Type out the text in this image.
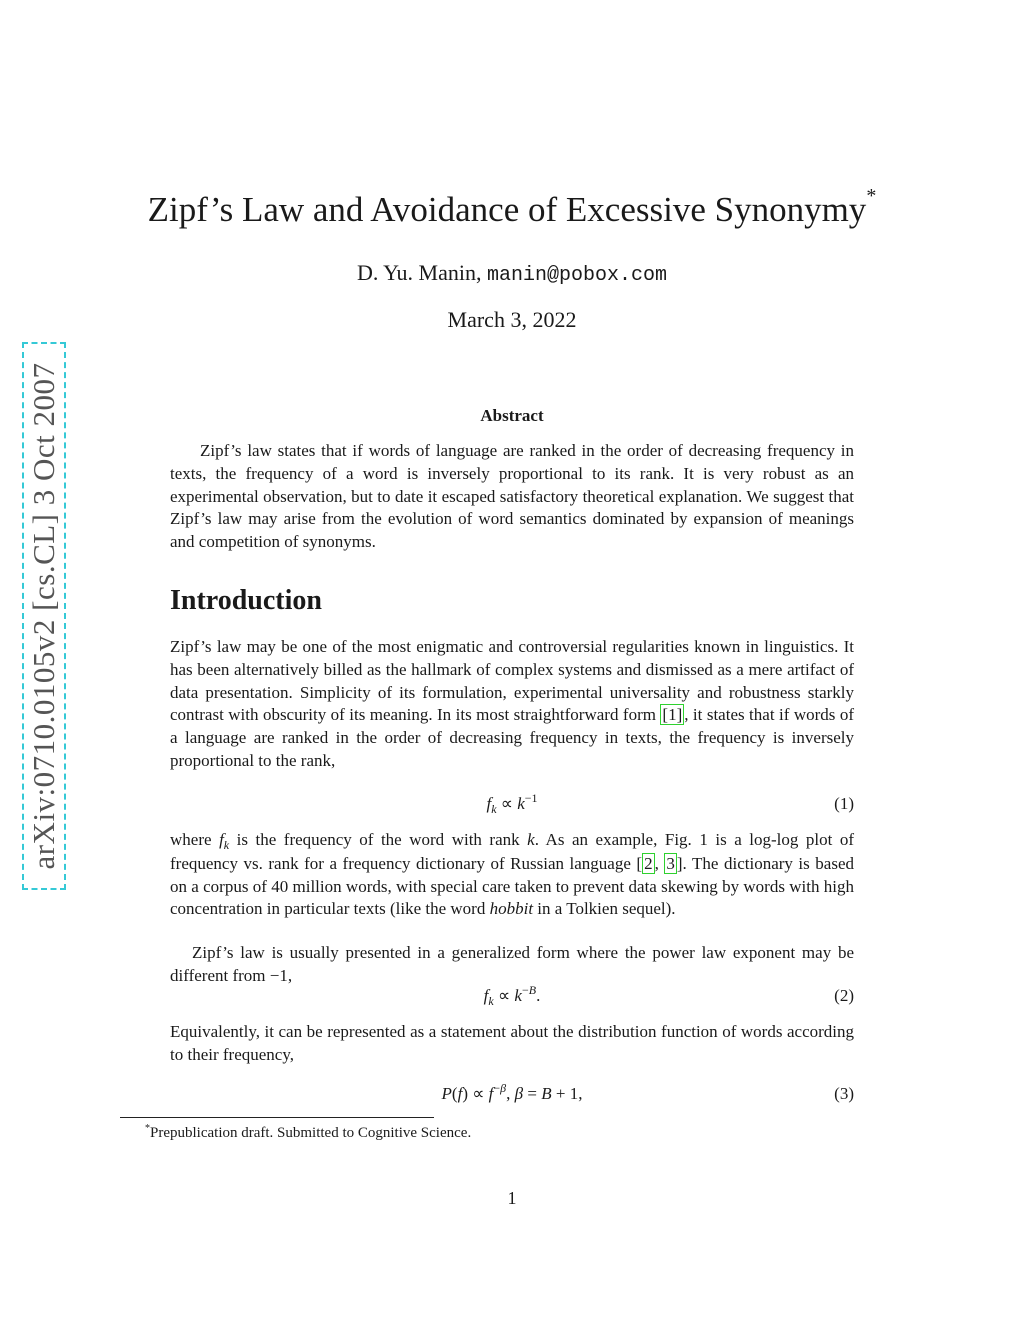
arXiv:0710.0105v2 [cs.CL] 3 Oct 2007
Zipf’s Law and Avoidance of Excessive Synonymy*
D. Yu. Manin, manin@pobox.com
March 3, 2022
Abstract

Zipf’s law states that if words of language are ranked in the order of decreasing frequency in texts, the frequency of a word is inversely proportional to its rank. It is very robust as an experimental observation, but to date it escaped satisfactory theoretical explanation. We suggest that Zipf’s law may arise from the evolution of word semantics dominated by expansion of meanings and competition of synonyms.

Introduction

Zipf’s law may be one of the most enigmatic and controversial regularities known in linguistics. It has been alternatively billed as the hallmark of complex systems and dismissed as a mere artifact of data presentation. Simplicity of its formulation, experimental universality and robustness starkly contrast with obscurity of its meaning. In its most straightforward form [1] , it states that if words of a language are ranked in the order of decreasing frequency in texts, the frequency is inversely proportional to the rank,

$f_k \propto k^{-1}$	(1)

where $f_k$ is the frequency of the word with rank k. As an example, Fig. 1 is a log-log plot of frequency vs. rank for a frequency dictionary of Russian language [ 2 , 3 ]. The dictionary is based on a corpus of 40 million words, with special care taken to prevent data skewing by words with high concentration in particular texts (like the word hobbit in a Tolkien sequel).

Zipf’s law is usually presented in a generalized form where the power law exponent may be different from −1,

$f_k \propto k^{-B}$.	(2)

Equivalently, it can be represented as a statement about the distribution function of words according to their frequency,

$P(f) \propto f^{-\beta}$, β = B + 1,	(3)
*Prepublication draft. Submitted to Cognitive Science.
1
